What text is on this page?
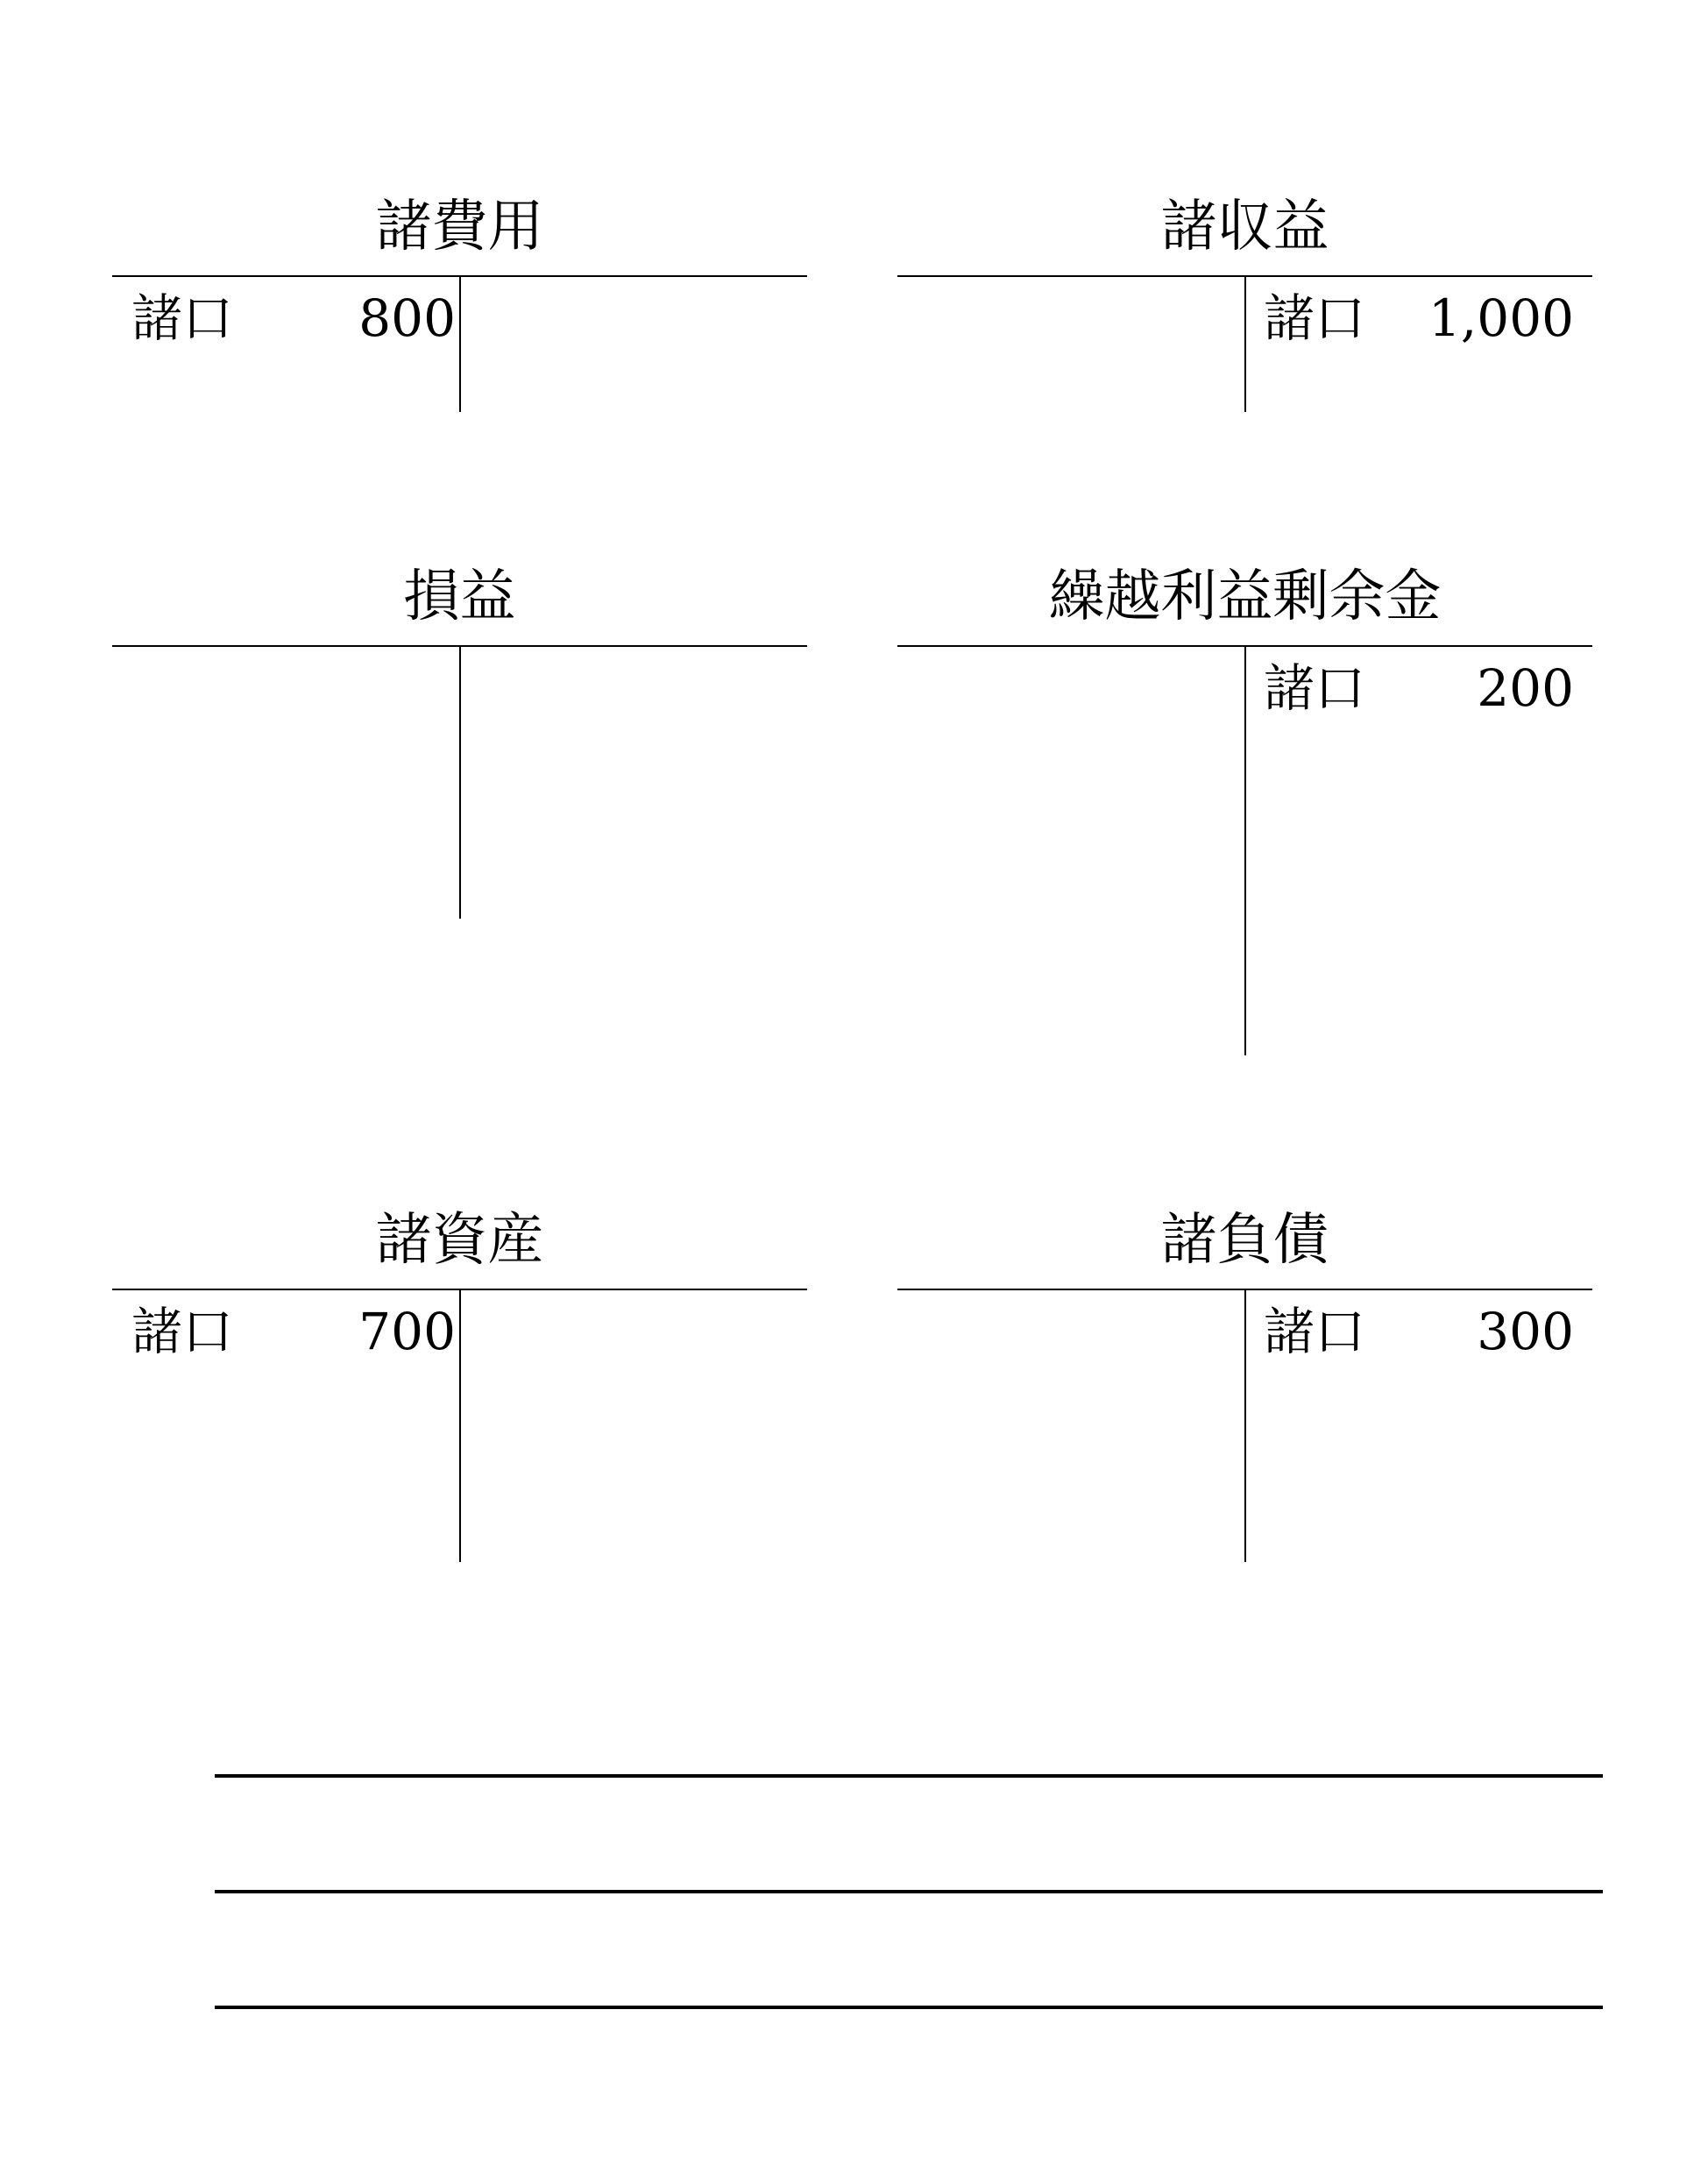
諸費用
諸口 800
諸収益
諸口 1,000
損益	繰越利益剰余金
諸口 200
諸資産
諸口 700
諸負債
諸口 300
